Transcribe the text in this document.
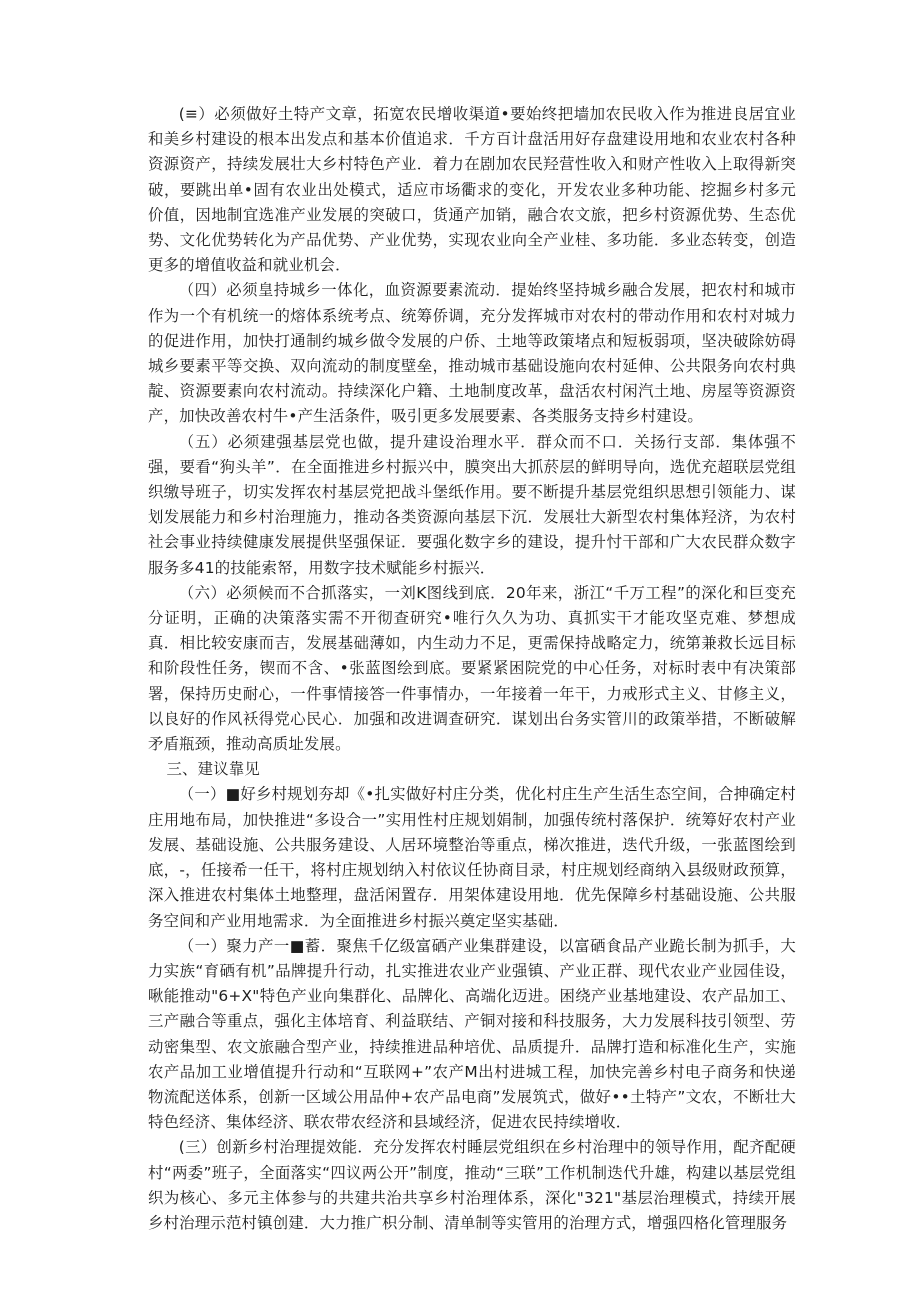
(≡）必须做好土特产文章，拓宽农民增收渠道•要始终把墙加农民收入作为推进良居宜业和美乡村建设的根本出发点和基本价值追求．千方百计盘活用好存盘建设用地和农业农村各种资源资产，持续发展壮大乡村特色产业．着力在剧加农民羟营性收入和财产性收入上取得新突破，要跳出单•固有农业出处模式，适应市场衢求的变化，开发农业多种功能、挖掘乡村多元价值，因地制宜选准产业发展的突破口，货通产加销，融合农文旅，把乡村资源优势、生态优势、文化优势转化为产品优势、产业优势，实现农业向全产业桂、多功能．多业态转变，创造更多的增值收益和就业机会．

（四）必须皇持城乡一体化，血资源要素流动．提始终坚持城乡融合发展，把农村和城市作为一个有机统一的熔体系统考点、统筹侨调，充分发挥城市对农村的带动作用和农村对城力的促进作用，加快打通制约城乡做令发展的户侨、土地等政策堵点和短板弱项，坚决破除妨碍城乡要素平等交换、双向流动的制度壁垒，推动城市基础设施向农村延伸、公共限务向农村典靛、资源要素向农村流动。持续深化户籍、土地制度改革，盘活农村闲汽土地、房屋等资源资产，加快改善农村牛•产生活条件，吸引更多发展要素、各类服务支持乡村建设。

（五）必须建强基层党也做，提升建设治理水平．群众而不口．关扬行支部．集体强不强，要看“狗头羊”．在全面推进乡村振兴中，膜突出大抓菸层的鲜明导向，选优充超联层党组织缴导班子，切实发挥农村基层党把战斗堡纸作用。要不断提升基层党组织思想引领能力、谋划发展能力和乡村治理施力，推动各类资源向基层下沉．发展壮大新型农村集体羟济，为农村社会事业持续健康发展提供坚强保证．要强化数字乡的建设，提升忖干部和广大农民群众数字服务多41的技能索帑，用数字技术赋能乡村振兴．

（六）必须候而不合抓落实，一刘K图线到底．20年来，浙江“千万工程”的深化和巨变充分证明，正确的决策落实需不开彻查研究•唯行久久为功、真抓实干才能攻坚克难、梦想成真．相比较安康而吉，发展基础薄如，内生动力不足，更需保持战略定力，统第兼救长远目标和阶段性任务，锲而不含、•张蓝图绘到底。要紧紧困院党的中心任务，对标时表中有决策部署，保持历史耐心，一件事情接答一件事情办，一年接着一年干，力戒形式主义、甘修主义，以良好的作风袄得党心民心．加强和改进调查研究．谋划出台务实管川的政策举措，不断破解矛盾瓶颈，推动高质址发展。

三、建议靠见

（一）■好乡村规划夯却《•扎实做好村庄分类，优化村庄生产生活生态空间，合抻确定村庄用地布局，加快推进“多设合一”实用性村庄规划娟制，加强传统村落保护．统筹好农村产业发展、基础设施、公共服务建设、人居环境整治等重点，梯次推进，迭代升级，一张蓝图绘到底，-，任接希一任干，将村庄规划纳入村依议任协商目录，村庄规划经商纳入县级财政预算，深入推进农村集体土地整理，盘活闲置存．用架体建设用地．优先保障乡村基础设施、公共服务空间和产业用地需求．为全面推进乡村振兴奠定坚实基础．

（一）聚力产一■蓄．聚焦千亿级富硒产业集群建设，以富硒食品产业跪长制为抓手，大力实族“育硒有机”品牌提升行动，扎实推进农业产业强镇、产业正群、现代农业产业园佳设，啾能推动"6+X"特色产业向集群化、品牌化、高端化迈进。困绕产业基地建设、农产品加工、三产融合等重点，强化主体培育、利益联结、产铜对接和科技服务，大力发展科技引领型、劳动密集型、农文旅融合型产业，持续推进品种培优、品质提升．品牌打造和标准化生产，实施农产品加工业增值提升行动和“互联网+”农产M出村进城工程，加快完善乡村电子商务和快递物流配送体系，创新一区域公用品仲+农产品电商”发展筑式，做好••土特产”文农，不断壮大特色经济、集体经济、联农带农经济和县域经济，促进农民持续增收．

(三）创新乡村治理提效能．充分发挥农村睡层党组织在乡村治理中的领导作用，配齐配硬村“两委”班子，全面落实“四议两公开”制度，推动“三联”工作机制迭代升雄，构建以基层党组织为核心、多元主体参与的共建共治共享乡村治理体系，深化"321"基层治理模式，持续开展乡村治理示范村镇创建．大力推广枳分制、清单制等实管用的治理方式，增强四格化管理服务
